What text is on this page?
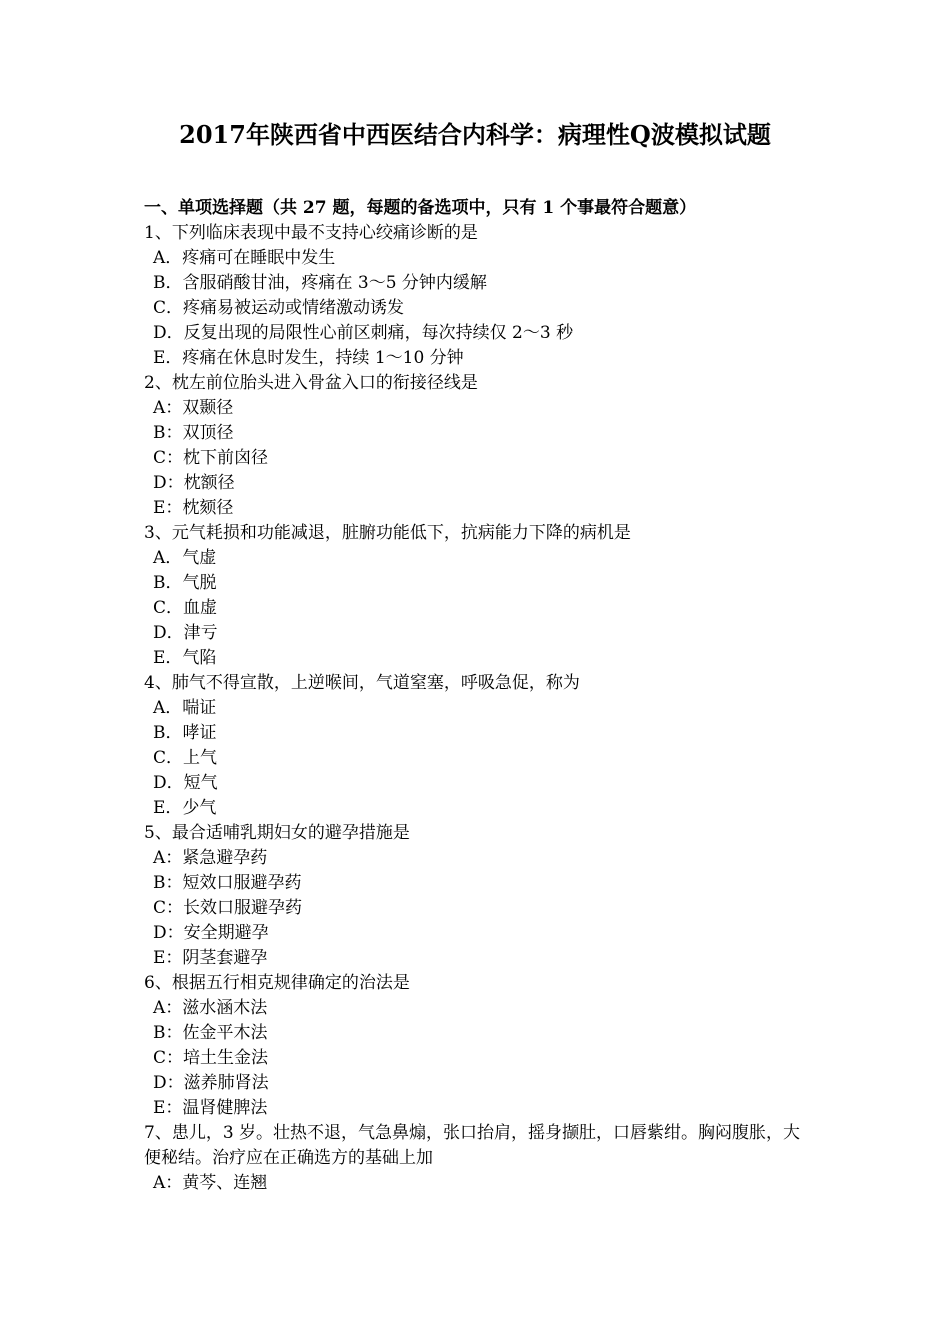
2017年陕西省中西医结合内科学：病理性Q波模拟试题
一、单项选择题（共 27 题，每题的备选项中，只有 1 个事最符合题意）
1、下列临床表现中最不支持心绞痛诊断的是
A．疼痛可在睡眠中发生
B．含服硝酸甘油，疼痛在 3～5 分钟内缓解
C．疼痛易被运动或情绪激动诱发
D．反复出现的局限性心前区刺痛，每次持续仅 2～3 秒
E．疼痛在休息时发生，持续 1～10 分钟
2、枕左前位胎头进入骨盆入口的衔接径线是
A：双颞径
B：双顶径
C：枕下前囟径
D：枕额径
E：枕颏径
3、元气耗损和功能减退，脏腑功能低下，抗病能力下降的病机是
A．气虚
B．气脱
C．血虚
D．津亏
E．气陷
4、肺气不得宣散，上逆喉间，气道窒塞，呼吸急促，称为
A．喘证
B．哮证
C．上气
D．短气
E．少气
5、最合适哺乳期妇女的避孕措施是
A：紧急避孕药
B：短效口服避孕药
C：长效口服避孕药
D：安全期避孕
E：阴茎套避孕
6、根据五行相克规律确定的治法是
A：滋水涵木法
B：佐金平木法
C：培土生金法
D：滋养肺肾法
E：温肾健脾法
7、患儿，3 岁。壮热不退，气急鼻煽，张口抬肩，摇身撷肚，口唇紫绀。胸闷腹胀，大便秘结。治疗应在正确选方的基础上加
A：黄芩、连翘
